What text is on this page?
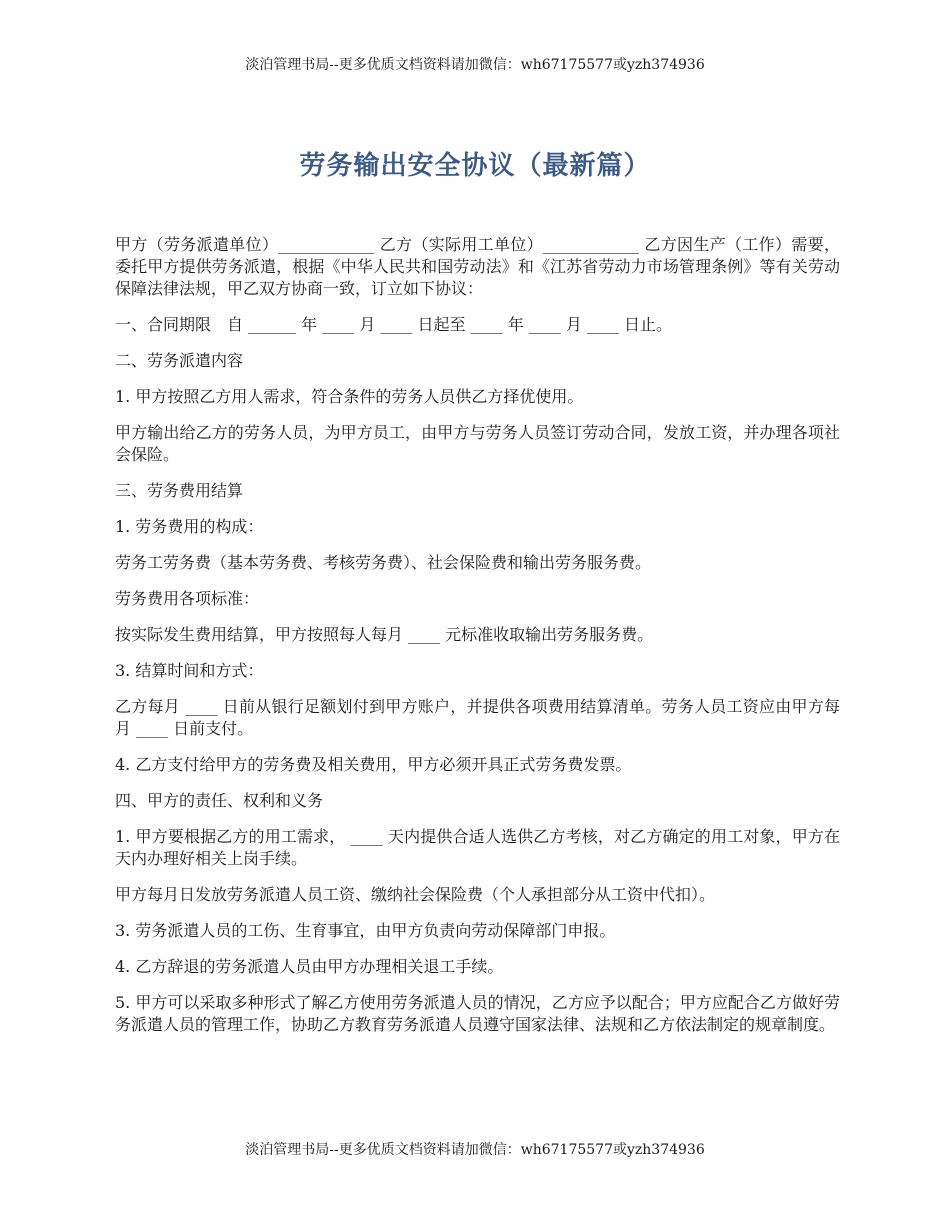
淡泊管理书局--更多优质文档资料请加微信：wh67175577或yzh374936
劳务输出安全协议（最新篇）

甲方（劳务派遣单位）____________ 乙方（实际用工单位）____________ 乙方因生产（工作）需要，委托甲方提供劳务派遣，根据《中华人民共和国劳动法》和《江苏省劳动力市场管理条例》等有关劳动保障法律法规，甲乙双方协商一致，订立如下协议：

一、合同期限　自 ______ 年 ____ 月 ____ 日起至 ____ 年 ____ 月 ____ 日止。

二、劳务派遣内容

1. 甲方按照乙方用人需求，符合条件的劳务人员供乙方择优使用。

甲方输出给乙方的劳务人员，为甲方员工，由甲方与劳务人员签订劳动合同，发放工资，并办理各项社会保险。

三、劳务费用结算

1. 劳务费用的构成：

劳务工劳务费（基本劳务费、考核劳务费）、社会保险费和输出劳务服务费。

劳务费用各项标准：

按实际发生费用结算，甲方按照每人每月 ____ 元标准收取输出劳务服务费。

3. 结算时间和方式：

乙方每月 ____ 日前从银行足额划付到甲方账户，并提供各项费用结算清单。劳务人员工资应由甲方每月 ____ 日前支付。

4. 乙方支付给甲方的劳务费及相关费用，甲方必须开具正式劳务费发票。

四、甲方的责任、权利和义务

1. 甲方要根据乙方的用工需求， ____ 天内提供合适人选供乙方考核，对乙方确定的用工对象，甲方在天内办理好相关上岗手续。

甲方每月日发放劳务派遣人员工资、缴纳社会保险费（个人承担部分从工资中代扣）。

3. 劳务派遣人员的工伤、生育事宜，由甲方负责向劳动保障部门申报。

4. 乙方辞退的劳务派遣人员由甲方办理相关退工手续。

5. 甲方可以采取多种形式了解乙方使用劳务派遣人员的情况，乙方应予以配合；甲方应配合乙方做好劳务派遣人员的管理工作，协助乙方教育劳务派遣人员遵守国家法律、法规和乙方依法制定的规章制度。

淡泊管理书局--更多优质文档资料请加微信：wh67175577或yzh374936
